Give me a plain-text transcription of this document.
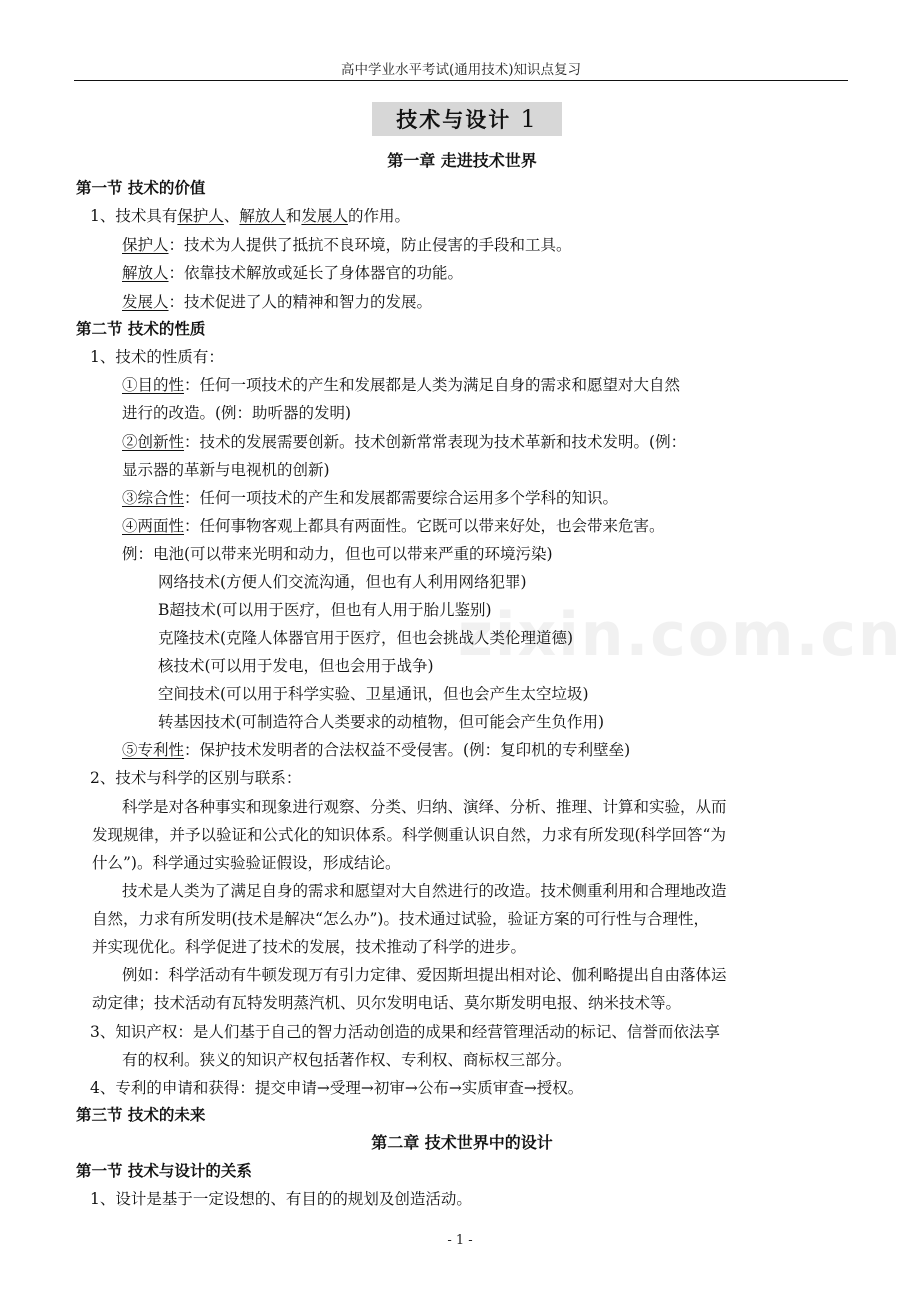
高中学业水平考试(通用技术)知识点复习
技术与设计 1
zixin.com.cn
第一章 走进技术世界
第一节 技术的价值
1、技术具有保护人、解放人和发展人的作用。
保护人：技术为人提供了抵抗不良环境，防止侵害的手段和工具。
解放人：依靠技术解放或延长了身体器官的功能。
发展人：技术促进了人的精神和智力的发展。
第二节 技术的性质
1、技术的性质有：
①目的性：任何一项技术的产生和发展都是人类为满足自身的需求和愿望对大自然
进行的改造。(例：助听器的发明)
②创新性：技术的发展需要创新。技术创新常常表现为技术革新和技术发明。(例：
显示器的革新与电视机的创新)
③综合性：任何一项技术的产生和发展都需要综合运用多个学科的知识。
④两面性：任何事物客观上都具有两面性。它既可以带来好处，也会带来危害。
例：电池(可以带来光明和动力，但也可以带来严重的环境污染)
网络技术(方便人们交流沟通，但也有人利用网络犯罪)
B超技术(可以用于医疗，但也有人用于胎儿鉴别)
克隆技术(克隆人体器官用于医疗，但也会挑战人类伦理道德)
核技术(可以用于发电，但也会用于战争)
空间技术(可以用于科学实验、卫星通讯，但也会产生太空垃圾)
转基因技术(可制造符合人类要求的动植物，但可能会产生负作用)
⑤专利性：保护技术发明者的合法权益不受侵害。(例：复印机的专利壁垒)
2、技术与科学的区别与联系：
科学是对各种事实和现象进行观察、分类、归纳、演绎、分析、推理、计算和实验，从而
发现规律，并予以验证和公式化的知识体系。科学侧重认识自然，力求有所发现(科学回答“为
什么”)。科学通过实验验证假设，形成结论。
技术是人类为了满足自身的需求和愿望对大自然进行的改造。技术侧重利用和合理地改造
自然，力求有所发明(技术是解决“怎么办”)。技术通过试验，验证方案的可行性与合理性，
并实现优化。科学促进了技术的发展，技术推动了科学的进步。
例如：科学活动有牛顿发现万有引力定律、爱因斯坦提出相对论、伽利略提出自由落体运
动定律；技术活动有瓦特发明蒸汽机、贝尔发明电话、莫尔斯发明电报、纳米技术等。
3、知识产权：是人们基于自己的智力活动创造的成果和经营管理活动的标记、信誉而依法享
有的权利。狭义的知识产权包括著作权、专利权、商标权三部分。
4、专利的申请和获得：提交申请→受理→初审→公布→实质审查→授权。
第三节 技术的未来
第二章 技术世界中的设计
第一节 技术与设计的关系
1、设计是基于一定设想的、有目的的规划及创造活动。
- 1 -
